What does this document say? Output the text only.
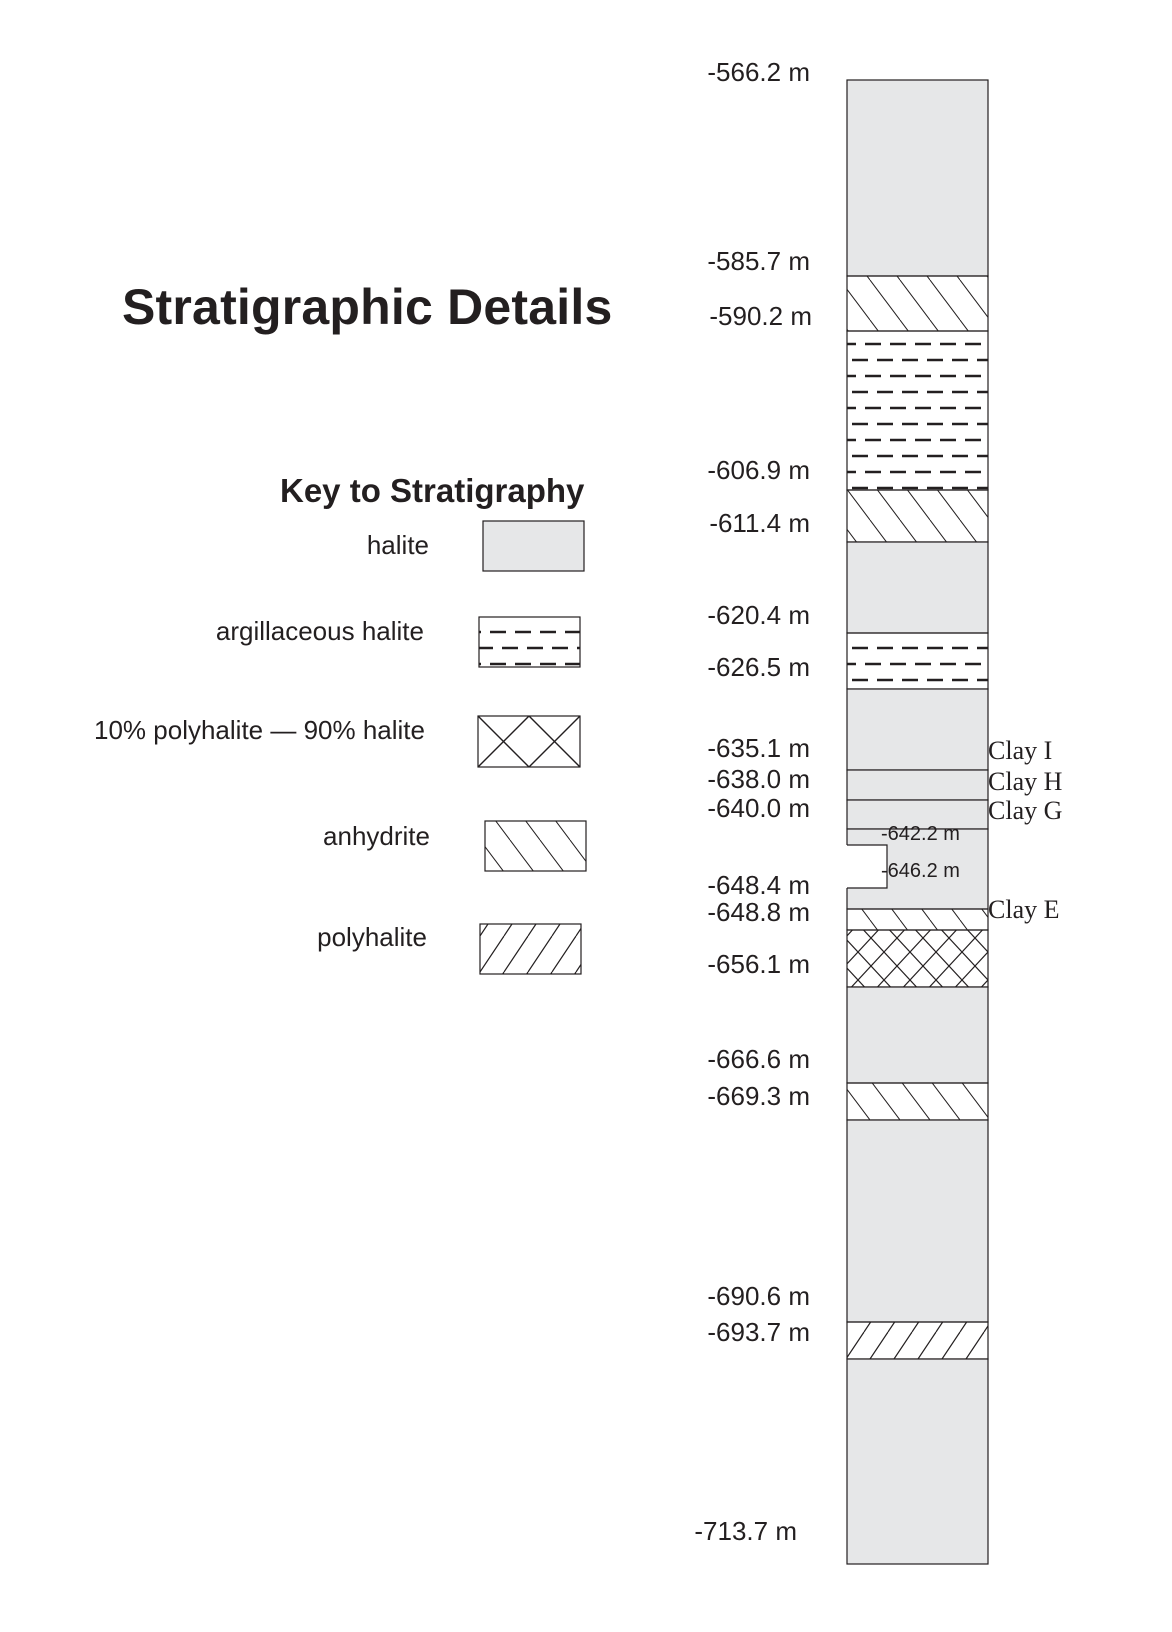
Stratigraphic Details
Key to Stratigraphy
halite
argillaceous halite
10% polyhalite — 90% halite
anhydrite
polyhalite
-566.2 m
-585.7 m
-590.2 m
-606.9 m
-611.4 m
-620.4 m
-626.5 m
-635.1 m
-638.0 m
-640.0 m
-648.4 m
-648.8 m
-656.1 m
-666.6 m
-669.3 m
-690.6 m
-693.7 m
-713.7 m
-642.2 m
-646.2 m
Clay I
Clay H
Clay G
Clay E
